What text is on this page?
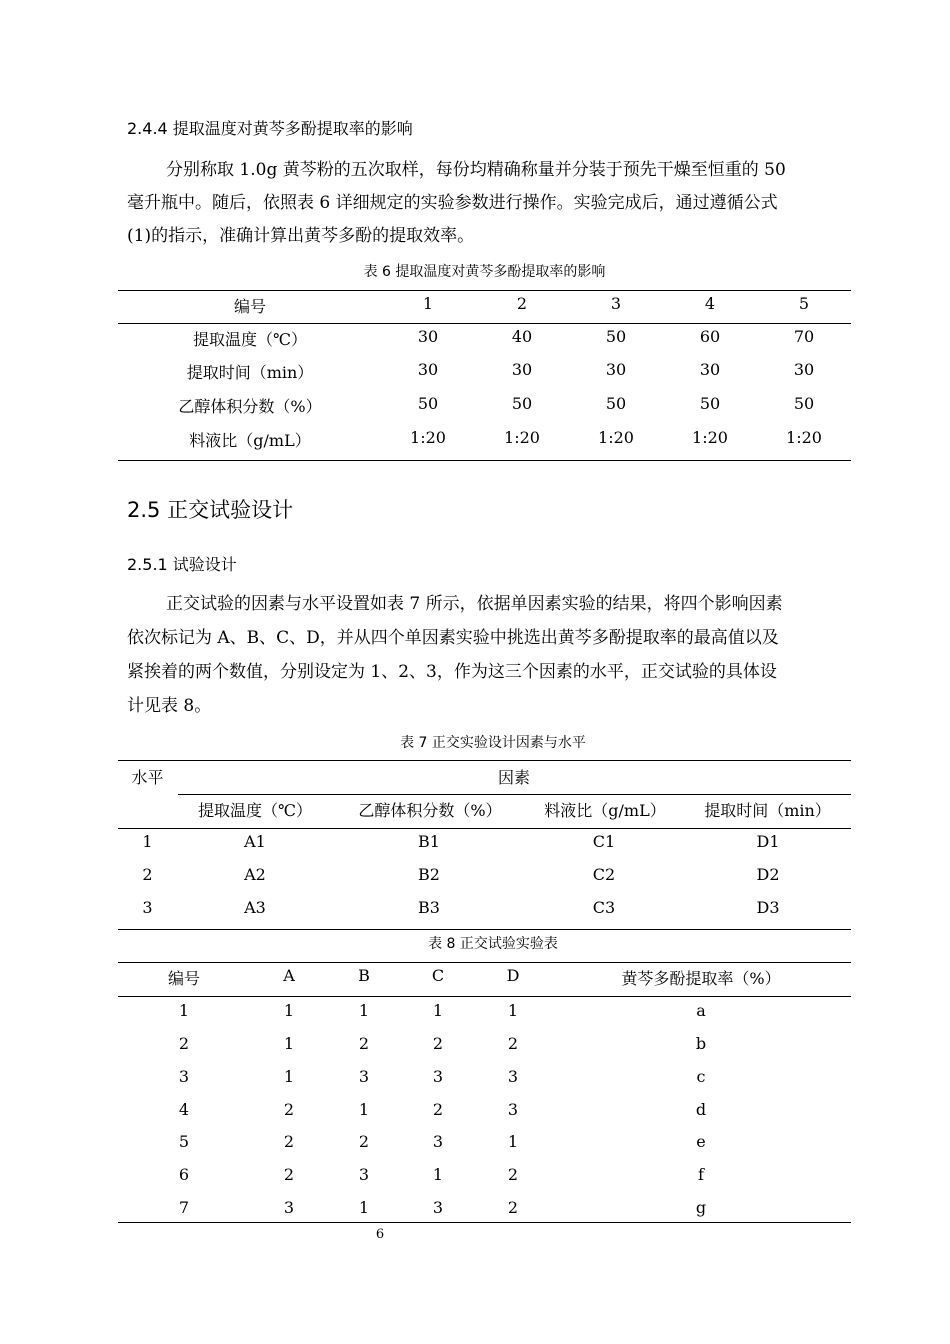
2.4.4 提取温度对黄芩多酚提取率的影响
分别称取 1.0g 黄芩粉的五次取样，每份均精确称量并分装于预先干燥至恒重的 50
毫升瓶中。随后，依照表 6 详细规定的实验参数进行操作。实验完成后，通过遵循公式
(1)的指示，准确计算出黄芩多酚的提取效率。
表 6 提取温度对黄芩多酚提取率的影响
编号	1	2	3	4	5
提取温度（℃）	30	40	50	60	70
提取时间（min）	30	30	30	30	30
乙醇体积分数（%）	50	50	50	50	50
料液比（g/mL）	1:20	1:20	1:20	1:20	1:20
2.5 正交试验设计
2.5.1 试验设计
正交试验的因素与水平设置如表 7 所示，依据单因素实验的结果，将四个影响因素
依次标记为 A、B、C、D，并从四个单因素实验中挑选出黄芩多酚提取率的最高值以及
紧挨着的两个数值，分别设定为 1、2、3，作为这三个因素的水平，正交试验的具体设
计见表 8。
表 7 正交实验设计因素与水平
水平	因素
提取温度（℃）	乙醇体积分数（%）	料液比（g/mL）	提取时间（min）
1	A1	B1	C1	D1
2	A2	B2	C2	D2
3	A3	B3	C3	D3
表 8 正交试验实验表
编号	A	B	C	D	黄芩多酚提取率（%）
1	1	1	1	1	a
2	1	2	2	2	b
3	1	3	3	3	c
4	2	1	2	3	d
5	2	2	3	1	e
6	2	3	1	2	f
7	3	1	3	2	g
6
